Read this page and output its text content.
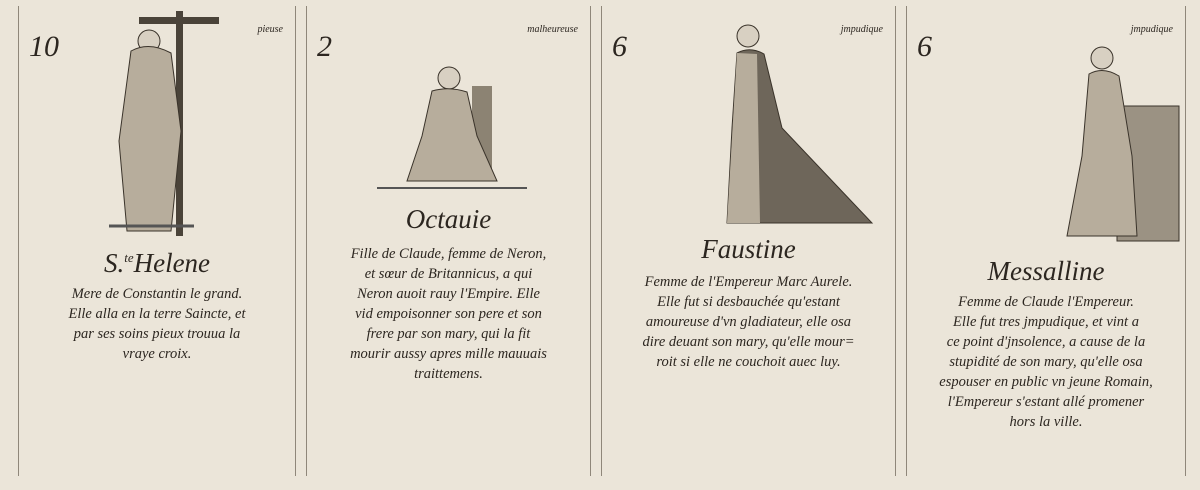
10
pieuse
S.$^{te}$Helene
Mere de Constantin le grand.
Elle alla en la terre Saincte, et
par ses soins pieux trouua la
vraye croix.
2
malheureuse
Octauie
Fille de Claude, femme de Neron,
et sœur de Britannicus, a qui
Neron auoit rauy l'Empire. Elle
vid empoisonner son pere et son
frere par son mary, qui la fit
mourir aussy apres mille mauuais
traittemens.
6
jmpudique
Faustine
Femme de l'Empereur Marc Aurele.
Elle fut si desbauchée qu'estant
amoureuse d'vn gladiateur, elle osa
dire deuant son mary, qu'elle mour=
roit si elle ne couchoit auec luy.
6
jmpudique
Messalline
Femme de Claude l'Empereur.
Elle fut tres jmpudique, et vint a
ce point d'jnsolence, a cause de la
stupidité de son mary, qu'elle osa
espouser en public vn jeune Romain,
l'Empereur s'estant allé promener
hors la ville.
